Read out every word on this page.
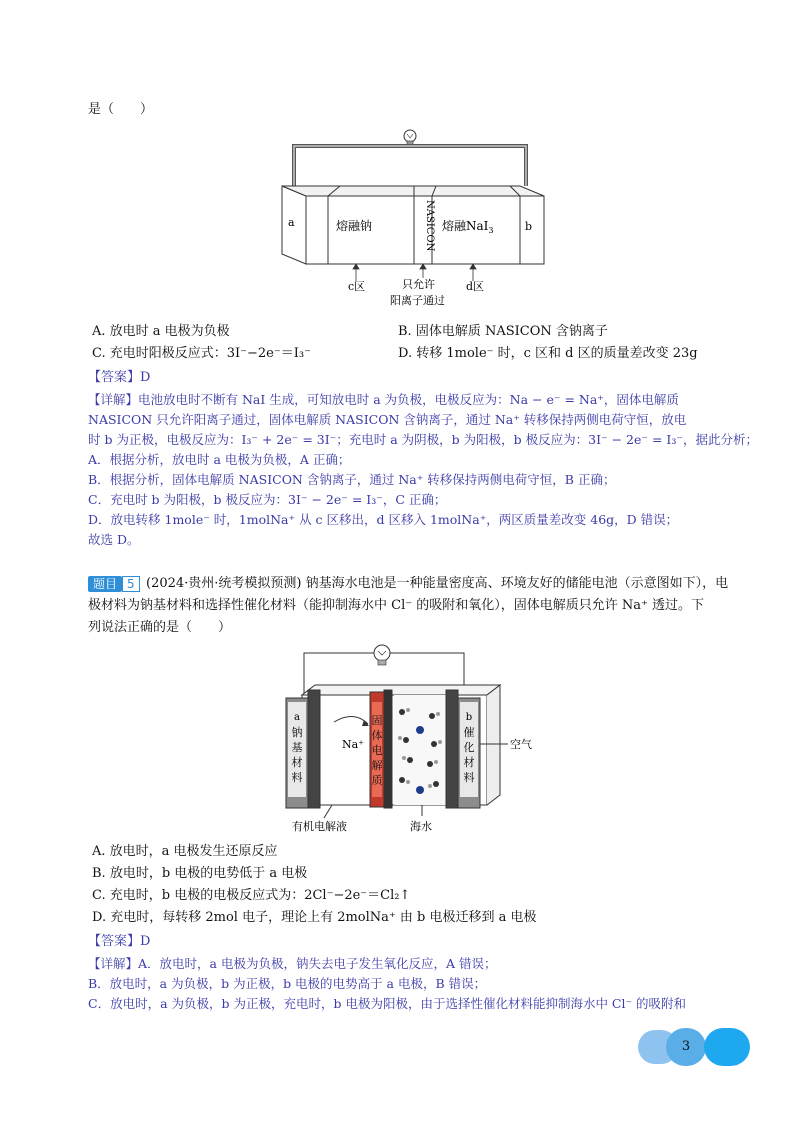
是（　　）
a	b
熔融钠	NASICON 熔融NaI$_3$
c区	只允许
阳离子通过
d区
A. 放电时 a 电极为负极	B. 固体电解质 NASICON 含钠离子
C. 充电时阳极反应式：3I⁻−2e⁻＝I₃⁻	D. 转移 1mole⁻ 时，c 区和 d 区的质量差改变 23g
【答案】D
【详解】电池放电时不断有 NaI 生成，可知放电时 a 为负极，电极反应为：Na − e⁻ = Na⁺，固体电解质
NASICON 只允许阳离子通过，固体电解质 NASICON 含钠离子，通过 Na⁺ 转移保持两侧电荷守恒，放电
时 b 为正极，电极反应为：I₃⁻ + 2e⁻ = 3I⁻；充电时 a 为阴极，b 为阳极，b 极反应为：3I⁻ − 2e⁻ = I₃⁻，据此分析；
A．根据分析，放电时 a 电极为负极，A 正确；
B．根据分析，固体电解质 NASICON 含钠离子，通过 Na⁺ 转移保持两侧电荷守恒，B 正确；
C．充电时 b 为阳极，b 极反应为：3I⁻ − 2e⁻ = I₃⁻，C 正确；
D．放电转移 1mole⁻ 时，1molNa⁺ 从 c 区移出，d 区移入 1molNa⁺，两区质量差改变 46g，D 错误；
故选 D。
题目 5 (2024·贵州·统考模拟预测) 钠基海水电池是一种能量密度高、环境友好的储能电池（示意图如下），电
极材料为钠基材料和选择性催化材料（能抑制海水中 Cl⁻ 的吸附和氧化），固体电解质只允许 Na⁺ 透过。下
列说法正确的是（　　）
Na⁺
a
钠
基
材
料
固
体
电
解
质
b
催
化
材
料
空气
有机电解液	海水
A. 放电时，a 电极发生还原反应
B. 放电时，b 电极的电势低于 a 电极
C. 充电时，b 电极的电极反应式为：2Cl⁻−2e⁻＝Cl₂↑
D. 充电时，每转移 2mol 电子，理论上有 2molNa⁺ 由 b 电极迁移到 a 电极
【答案】D
【详解】A．放电时，a 电极为负极，钠失去电子发生氧化反应，A 错误；
B．放电时，a 为负极，b 为正极，b 电极的电势高于 a 电极，B 错误；
C．放电时，a 为负极，b 为正极，充电时，b 电极为阳极，由于选择性催化材料能抑制海水中 Cl⁻ 的吸附和
3
